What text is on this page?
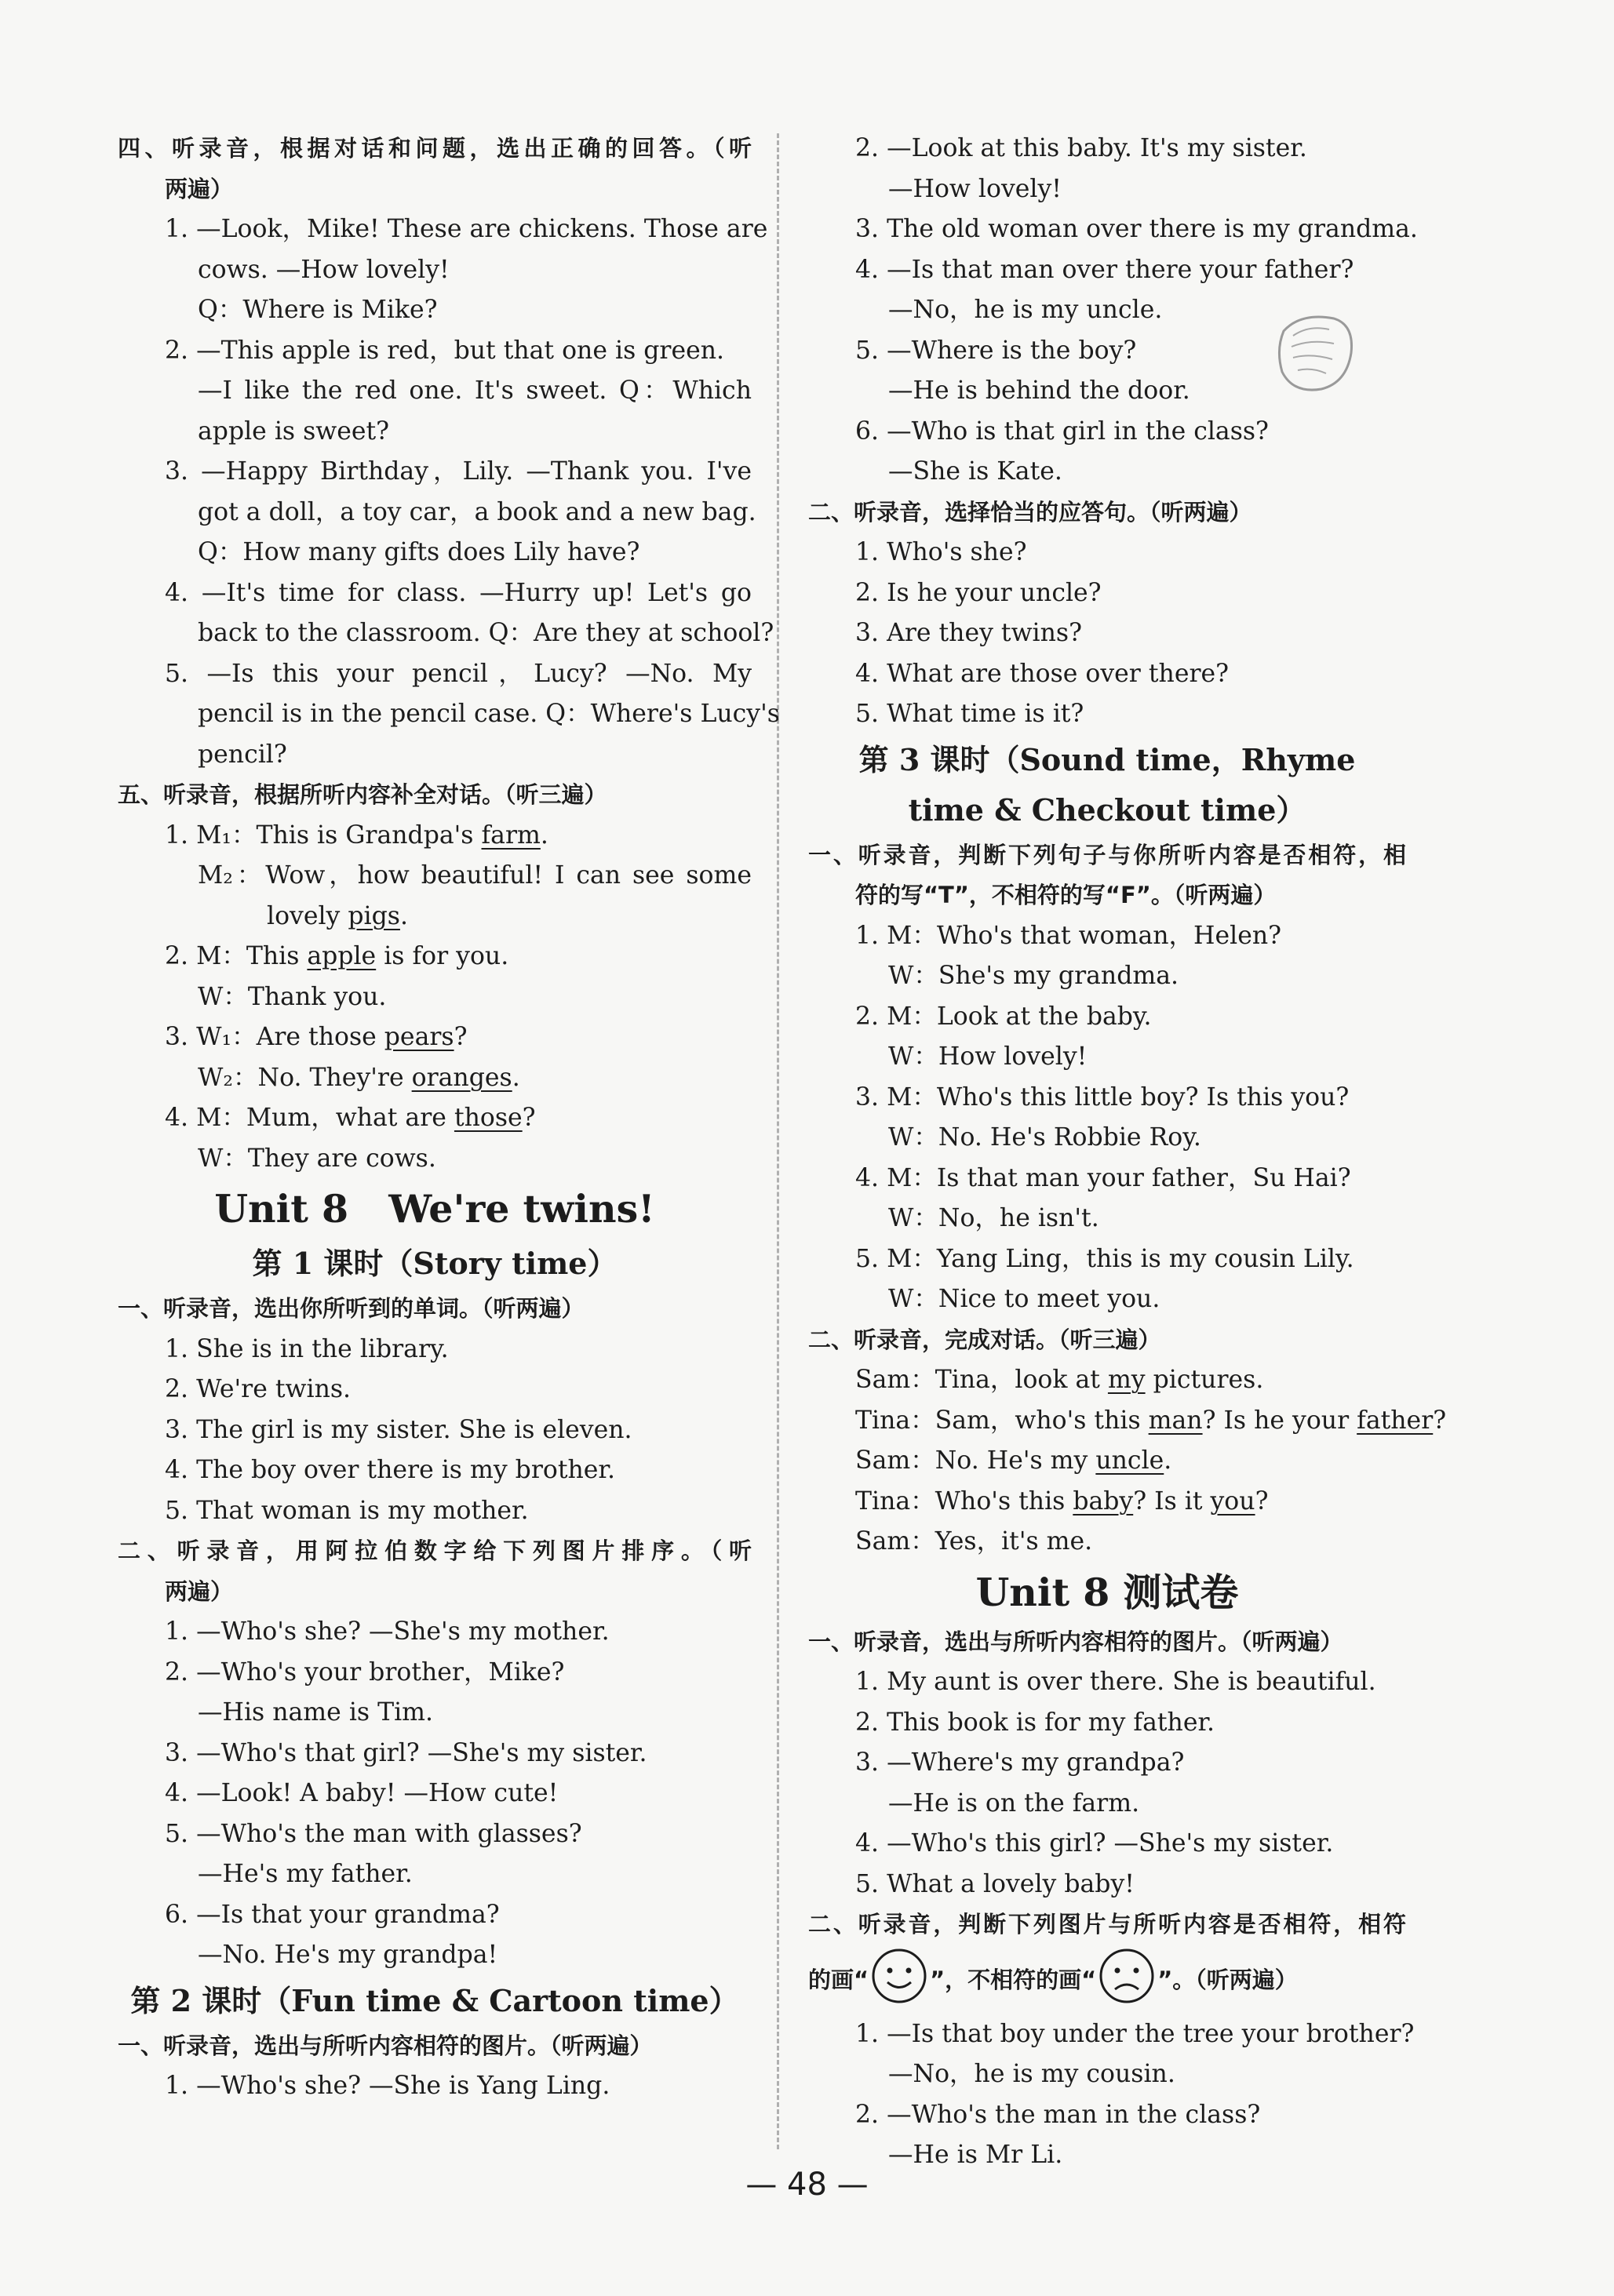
四、听录音，根据对话和问题，选出正确的回答。（听
两遍）
1. —Look，Mike! These are chickens. Those are
cows. —How lovely!
Q：Where is Mike?
2. —This apple is red，but that one is green.
—I like the red one. It's sweet. Q：Which
apple is sweet?
3. —Happy Birthday，Lily. —Thank you. I've
got a doll，a toy car，a book and a new bag.
Q：How many gifts does Lily have?
4. —It's time for class. —Hurry up! Let's go
back to the classroom. Q：Are they at school?
5. —Is this your pencil，Lucy? —No. My
pencil is in the pencil case. Q：Where's Lucy's
pencil?
五、听录音，根据所听内容补全对话。（听三遍）
1. M₁：This is Grandpa's farm.
M₂：Wow，how beautiful! I can see some
lovely pigs.
2. M：This apple is for you.
W：Thank you.
3. W₁：Are those pears?
W₂：No. They're oranges.
4. M：Mum，what are those?
W：They are cows.
Unit 8   We're twins!
第 1 课时（Story time）
一、听录音，选出你所听到的单词。（听两遍）
1. She is in the library.
2. We're twins.
3. The girl is my sister. She is eleven.
4. The boy over there is my brother.
5. That woman is my mother.
二、听录音，用阿拉伯数字给下列图片排序。（听
两遍）
1. —Who's she? —She's my mother.
2. —Who's your brother，Mike?
—His name is Tim.
3. —Who's that girl? —She's my sister.
4. —Look! A baby! —How cute!
5. —Who's the man with glasses?
—He's my father.
6. —Is that your grandma?
—No. He's my grandpa!
第 2 课时（Fun time & Cartoon time）
一、听录音，选出与所听内容相符的图片。（听两遍）
1. —Who's she? —She is Yang Ling.
2. —Look at this baby. It's my sister.
—How lovely!
3. The old woman over there is my grandma.
4. —Is that man over there your father?
—No，he is my uncle.
5. —Where is the boy?
—He is behind the door.
6. —Who is that girl in the class?
—She is Kate.
二、听录音，选择恰当的应答句。（听两遍）
1. Who's she?
2. Is he your uncle?
3. Are they twins?
4. What are those over there?
5. What time is it?
第 3 课时（Sound time，Rhyme
time & Checkout time）
一、听录音，判断下列句子与你所听内容是否相符，相
符的写“T”，不相符的写“F”。（听两遍）
1. M：Who's that woman，Helen?
W：She's my grandma.
2. M：Look at the baby.
W：How lovely!
3. M：Who's this little boy? Is this you?
W：No. He's Robbie Roy.
4. M：Is that man your father，Su Hai?
W：No，he isn't.
5. M：Yang Ling，this is my cousin Lily.
W：Nice to meet you.
二、听录音，完成对话。（听三遍）
Sam：Tina，look at my pictures.
Tina：Sam，who's this man? Is he your father?
Sam：No. He's my uncle.
Tina：Who's this baby? Is it you?
Sam：Yes，it's me.
Unit 8 测试卷
一、听录音，选出与所听内容相符的图片。（听两遍）
1. My aunt is over there. She is beautiful.
2. This book is for my father.
3. —Where's my grandpa?
—He is on the farm.
4. —Who's this girl? —She's my sister.
5. What a lovely baby!
二、听录音，判断下列图片与所听内容是否相符，相符
的画“	”，不相符的画“	”。（听两遍）
1. —Is that boy under the tree your brother?
—No，he is my cousin.
2. —Who's the man in the class?
—He is Mr Li.
— 48 —
